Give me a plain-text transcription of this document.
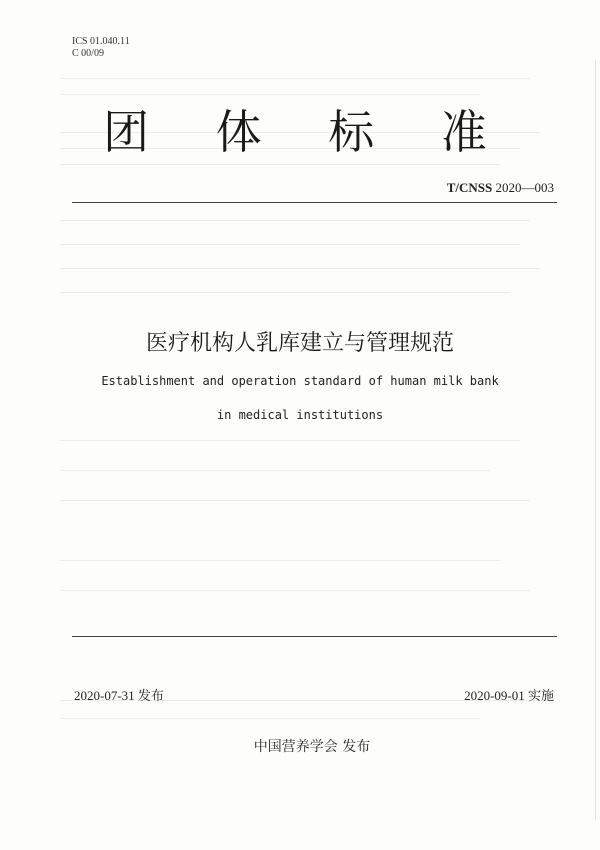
ICS 01.040.11
C 00/09
团 体 标 准
T/CNSS 2020—003
医疗机构人乳库建立与管理规范
Establishment and operation standard of human milk bank
in medical institutions
2020-07-31 发布	2020-09-01 实施
中国营养学会 发布
